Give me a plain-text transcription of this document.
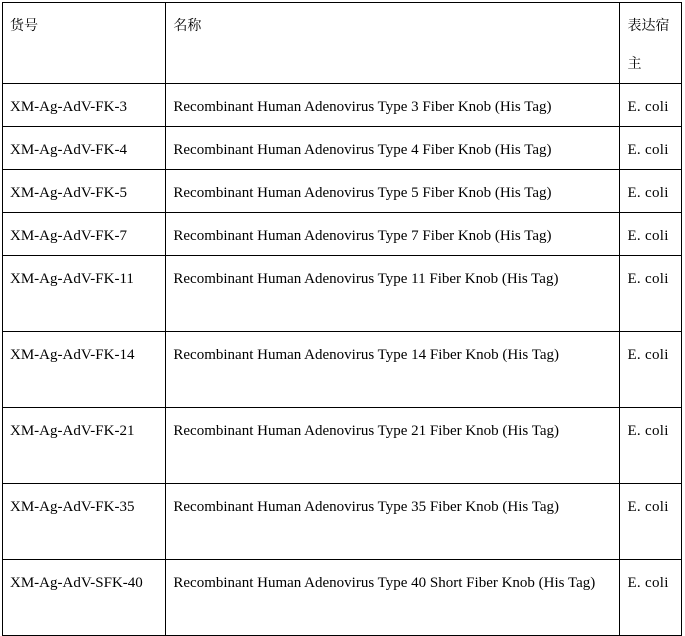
货号	名称	表达宿主
XM-Ag-AdV-FK-3	Recombinant Human Adenovirus Type 3 Fiber Knob (His Tag)	E. coli
XM-Ag-AdV-FK-4	Recombinant Human Adenovirus Type 4 Fiber Knob (His Tag)	E. coli
XM-Ag-AdV-FK-5	Recombinant Human Adenovirus Type 5 Fiber Knob (His Tag)	E. coli
XM-Ag-AdV-FK-7	Recombinant Human Adenovirus Type 7 Fiber Knob (His Tag)	E. coli
XM-Ag-AdV-FK-11	Recombinant Human Adenovirus Type 11 Fiber Knob (His Tag)	E. coli
XM-Ag-AdV-FK-14	Recombinant Human Adenovirus Type 14 Fiber Knob (His Tag)	E. coli
XM-Ag-AdV-FK-21	Recombinant Human Adenovirus Type 21 Fiber Knob (His Tag)	E. coli
XM-Ag-AdV-FK-35	Recombinant Human Adenovirus Type 35 Fiber Knob (His Tag)	E. coli
XM-Ag-AdV-SFK-40	Recombinant Human Adenovirus Type 40 Short Fiber Knob (His Tag)	E. coli
